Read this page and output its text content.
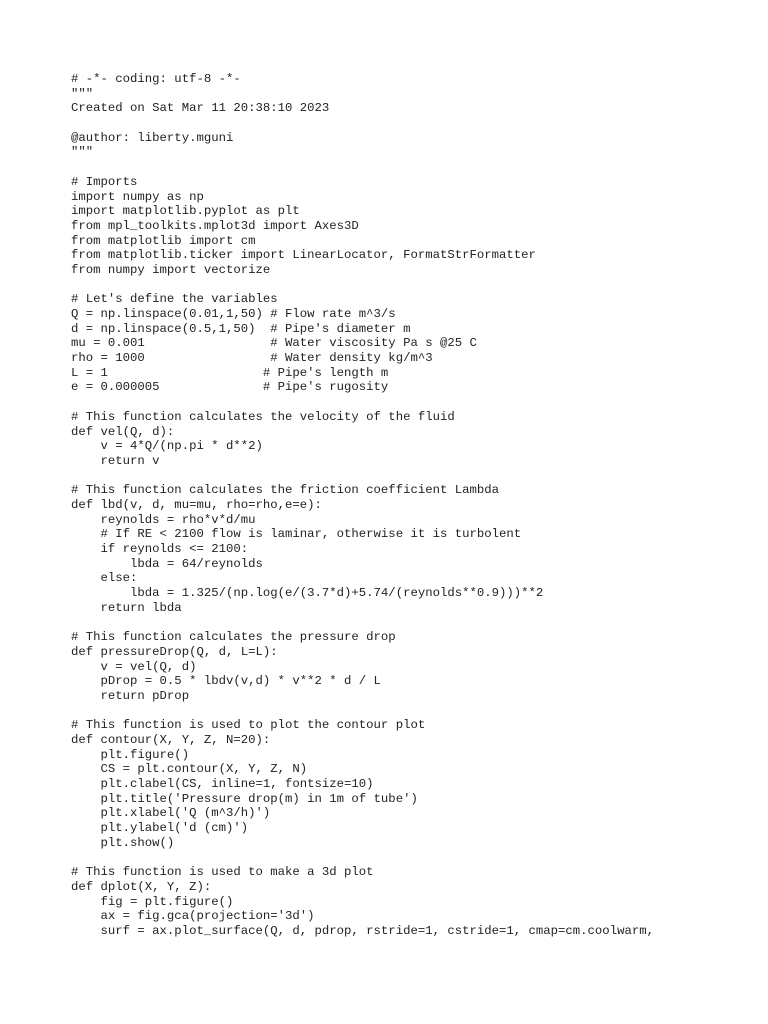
# -*- coding: utf-8 -*-
"""
Created on Sat Mar 11 20:38:10 2023
@author: liberty.mguni
"""
# Imports
import numpy as np
import matplotlib.pyplot as plt
from mpl_toolkits.mplot3d import Axes3D
from matplotlib import cm
from matplotlib.ticker import LinearLocator, FormatStrFormatter
from numpy import vectorize
# Let's define the variables
Q = np.linspace(0.01,1,50) # Flow rate m^3/s
d = np.linspace(0.5,1,50)  # Pipe's diameter m
mu = 0.001                 # Water viscosity Pa s @25 C
rho = 1000                 # Water density kg/m^3
L = 1                     # Pipe's length m
e = 0.000005              # Pipe's rugosity
# This function calculates the velocity of the fluid
def vel(Q, d):
v = 4*Q/(np.pi * d**2)
return v
# This function calculates the friction coefficient Lambda
def lbd(v, d, mu=mu, rho=rho,e=e):
reynolds = rho*v*d/mu
# If RE < 2100 flow is laminar, otherwise it is turbolent
if reynolds <= 2100:
lbda = 64/reynolds
else:
lbda = 1.325/(np.log(e/(3.7*d)+5.74/(reynolds**0.9)))**2
return lbda
# This function calculates the pressure drop
def pressureDrop(Q, d, L=L):
v = vel(Q, d)
pDrop = 0.5 * lbdv(v,d) * v**2 * d / L
return pDrop
# This function is used to plot the contour plot
def contour(X, Y, Z, N=20):
plt.figure()
CS = plt.contour(X, Y, Z, N)
plt.clabel(CS, inline=1, fontsize=10)
plt.title('Pressure drop(m) in 1m of tube')
plt.xlabel('Q (m^3/h)')
plt.ylabel('d (cm)')
plt.show()
# This function is used to make a 3d plot
def dplot(X, Y, Z):
fig = plt.figure()
ax = fig.gca(projection='3d')
surf = ax.plot_surface(Q, d, pdrop, rstride=1, cstride=1, cmap=cm.coolwarm,
